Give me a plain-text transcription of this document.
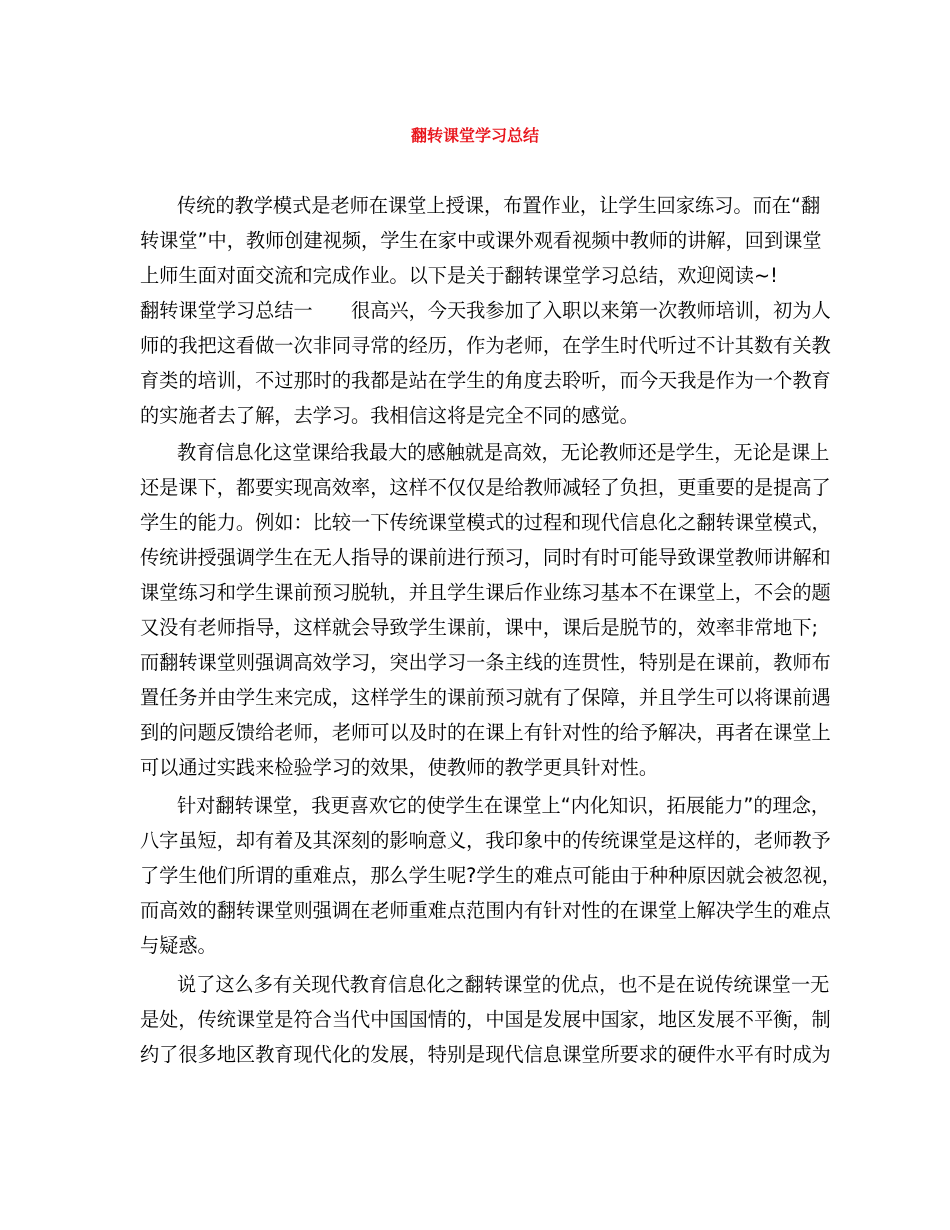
翻转课堂学习总结
传统的教学模式是老师在课堂上授课，布置作业，让学生回家练习。而在“翻
转课堂”中，教师创建视频，学生在家中或课外观看视频中教师的讲解，回到课堂
上师生面对面交流和完成作业。以下是关于翻转课堂学习总结，欢迎阅读~!
翻转课堂学习总结一　　很高兴，今天我参加了入职以来第一次教师培训，初为人
师的我把这看做一次非同寻常的经历，作为老师，在学生时代听过不计其数有关教
育类的培训，不过那时的我都是站在学生的角度去聆听，而今天我是作为一个教育
的实施者去了解，去学习。我相信这将是完全不同的感觉。
教育信息化这堂课给我最大的感触就是高效，无论教师还是学生，无论是课上
还是课下，都要实现高效率，这样不仅仅是给教师减轻了负担，更重要的是提高了
学生的能力。例如：比较一下传统课堂模式的过程和现代信息化之翻转课堂模式，
传统讲授强调学生在无人指导的课前进行预习，同时有时可能导致课堂教师讲解和
课堂练习和学生课前预习脱轨，并且学生课后作业练习基本不在课堂上，不会的题
又没有老师指导，这样就会导致学生课前，课中，课后是脱节的，效率非常地下;
而翻转课堂则强调高效学习，突出学习一条主线的连贯性，特别是在课前，教师布
置任务并由学生来完成，这样学生的课前预习就有了保障，并且学生可以将课前遇
到的问题反馈给老师，老师可以及时的在课上有针对性的给予解决，再者在课堂上
可以通过实践来检验学习的效果，使教师的教学更具针对性。
针对翻转课堂，我更喜欢它的使学生在课堂上“内化知识，拓展能力”的理念，
八字虽短，却有着及其深刻的影响意义，我印象中的传统课堂是这样的，老师教予
了学生他们所谓的重难点，那么学生呢?学生的难点可能由于种种原因就会被忽视，
而高效的翻转课堂则强调在老师重难点范围内有针对性的在课堂上解决学生的难点
与疑惑。
说了这么多有关现代教育信息化之翻转课堂的优点，也不是在说传统课堂一无
是处，传统课堂是符合当代中国国情的，中国是发展中国家，地区发展不平衡，制
约了很多地区教育现代化的发展，特别是现代信息课堂所要求的硬件水平有时成为
